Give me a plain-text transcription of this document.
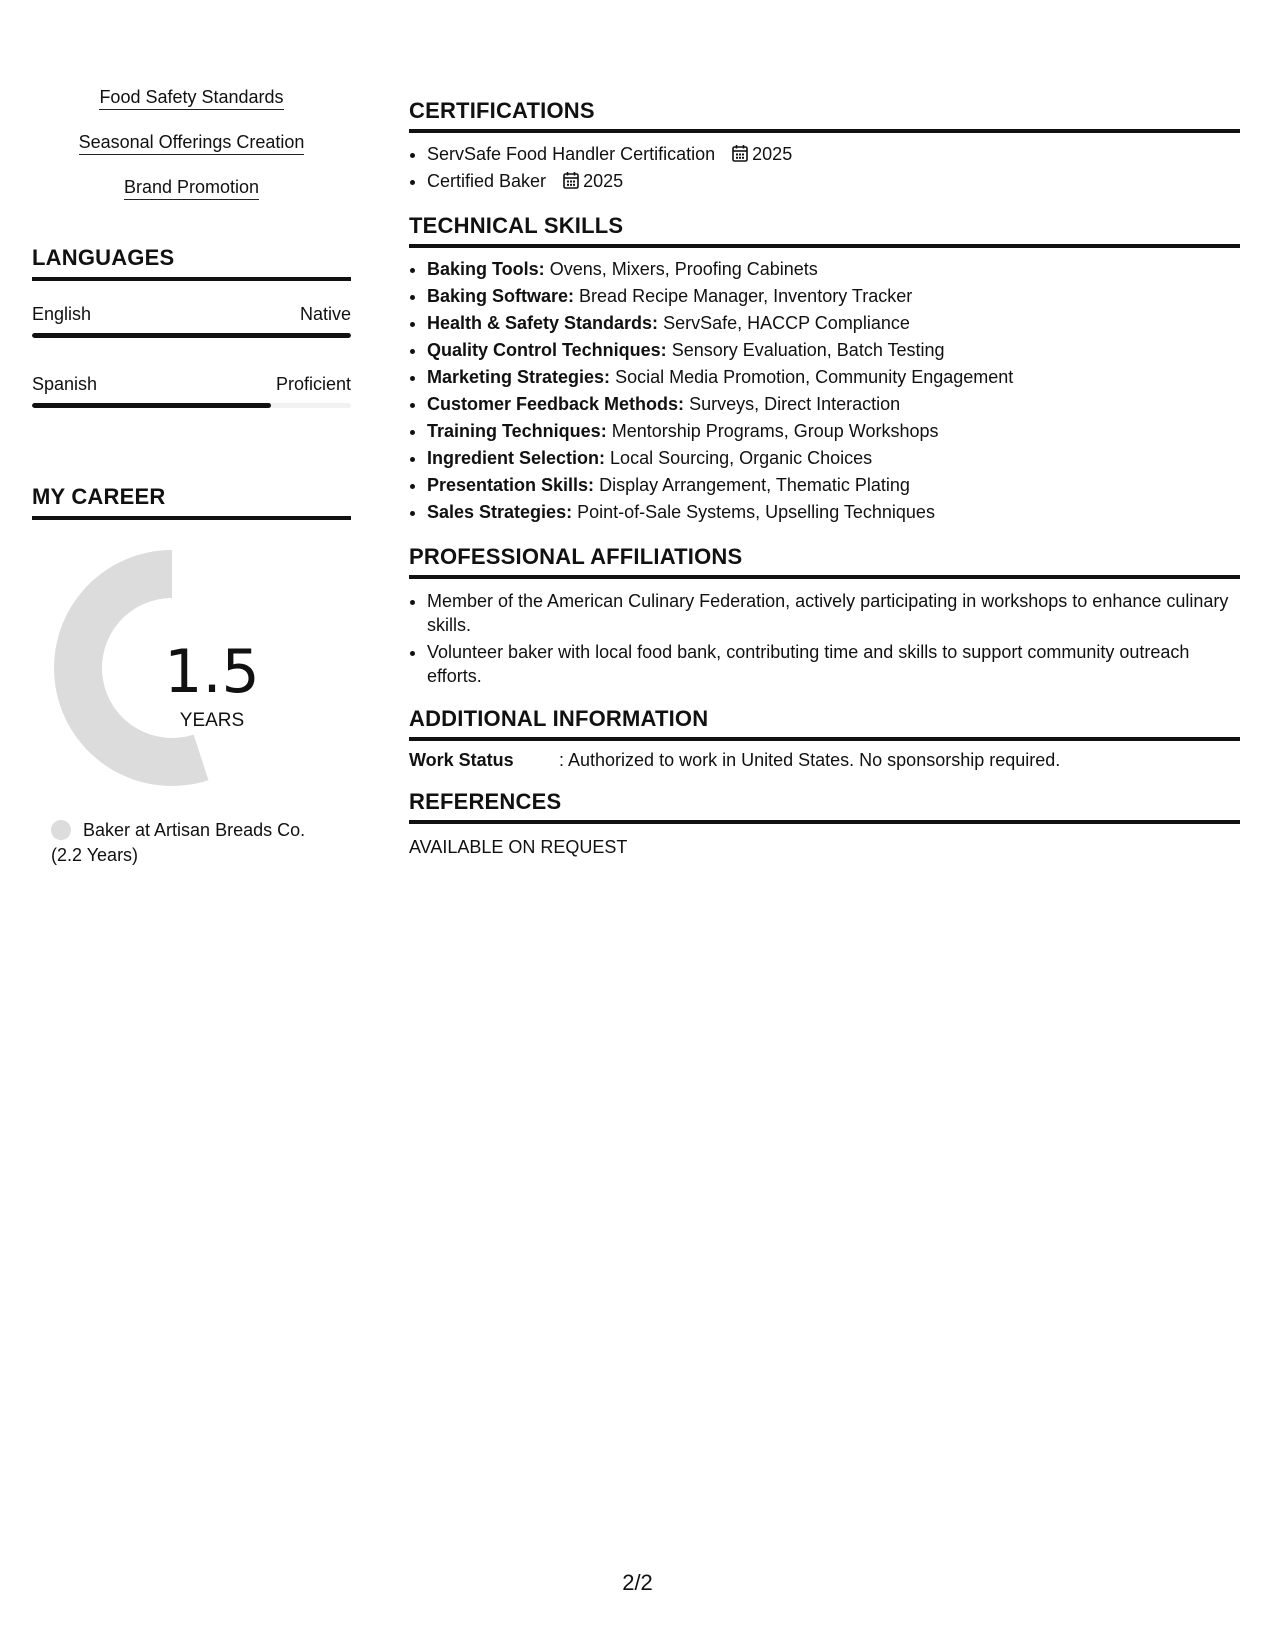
Food Safety Standards
Seasonal Offerings Creation
Brand Promotion
LANGUAGES
English	Native
Spanish	Proficient
MY CAREER
1.5
YEARS
Baker at Artisan Breads Co.
(2.2 Years)
CERTIFICATIONS
• ServSafe Food Handler Certification 2025
• Certified Baker 2025
TECHNICAL SKILLS
• Baking Tools: Ovens, Mixers, Proofing Cabinets
• Baking Software: Bread Recipe Manager, Inventory Tracker
• Health & Safety Standards: ServSafe, HACCP Compliance
• Quality Control Techniques: Sensory Evaluation, Batch Testing
• Marketing Strategies: Social Media Promotion, Community Engagement
• Customer Feedback Methods: Surveys, Direct Interaction
• Training Techniques: Mentorship Programs, Group Workshops
• Ingredient Selection: Local Sourcing, Organic Choices
• Presentation Skills: Display Arrangement, Thematic Plating
• Sales Strategies: Point-of-Sale Systems, Upselling Techniques
PROFESSIONAL AFFILIATIONS
• Member of the American Culinary Federation, actively participating in workshops to enhance culinary skills.
• Volunteer baker with local food bank, contributing time and skills to support community outreach efforts.
ADDITIONAL INFORMATION
Work Status	: Authorized to work in United States. No sponsorship required.
REFERENCES
AVAILABLE ON REQUEST
2/2
